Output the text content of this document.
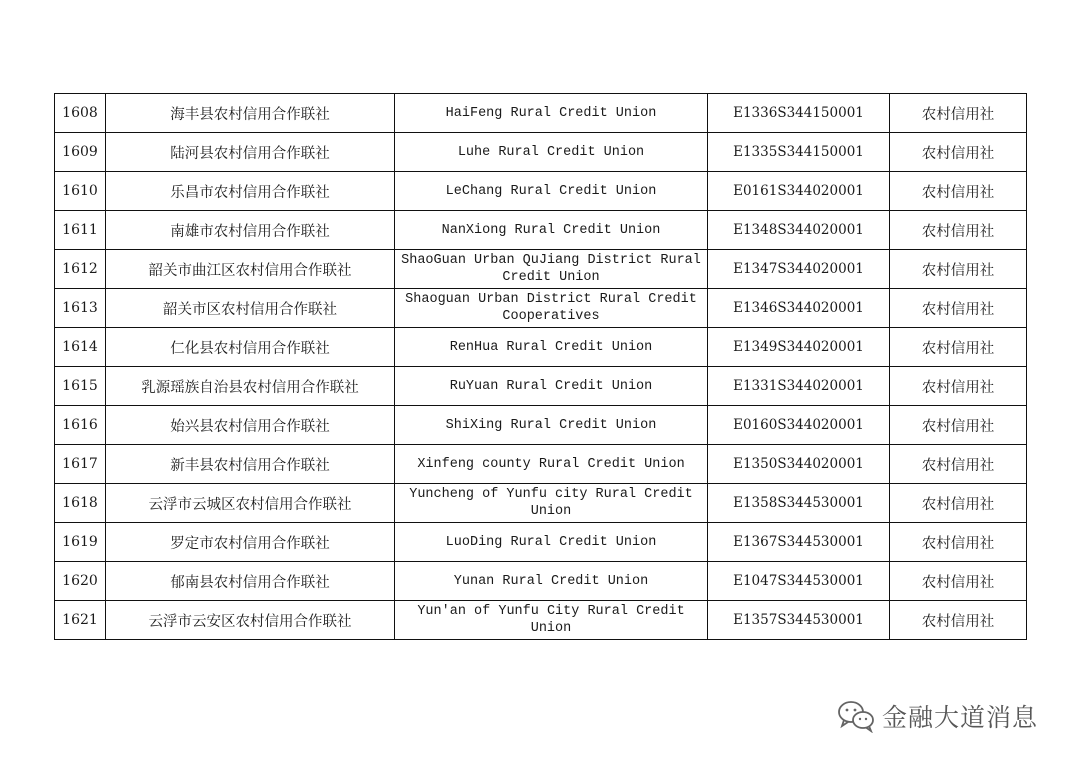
1608	海丰县农村信用合作联社	HaiFeng Rural Credit Union	E1336S344150001	农村信用社
1609	陆河县农村信用合作联社	Luhe Rural Credit Union	E1335S344150001	农村信用社
1610	乐昌市农村信用合作联社	LeChang Rural Credit Union	E0161S344020001	农村信用社
1611	南雄市农村信用合作联社	NanXiong Rural Credit Union	E1348S344020001	农村信用社
1612	韶关市曲江区农村信用合作联社	ShaoGuan Urban QuJiang District Rural Credit Union	E1347S344020001	农村信用社
1613	韶关市区农村信用合作联社	Shaoguan Urban District Rural Credit Cooperatives	E1346S344020001	农村信用社
1614	仁化县农村信用合作联社	RenHua Rural Credit Union	E1349S344020001	农村信用社
1615	乳源瑶族自治县农村信用合作联社	RuYuan Rural Credit Union	E1331S344020001	农村信用社
1616	始兴县农村信用合作联社	ShiXing Rural Credit Union	E0160S344020001	农村信用社
1617	新丰县农村信用合作联社	Xinfeng county Rural Credit Union	E1350S344020001	农村信用社
1618	云浮市云城区农村信用合作联社	Yuncheng of Yunfu city Rural Credit Union	E1358S344530001	农村信用社
1619	罗定市农村信用合作联社	LuoDing Rural Credit Union	E1367S344530001	农村信用社
1620	郁南县农村信用合作联社	Yunan Rural Credit Union	E1047S344530001	农村信用社
1621	云浮市云安区农村信用合作联社	Yun'an of Yunfu City Rural Credit Union	E1357S344530001	农村信用社
金融大道消息
